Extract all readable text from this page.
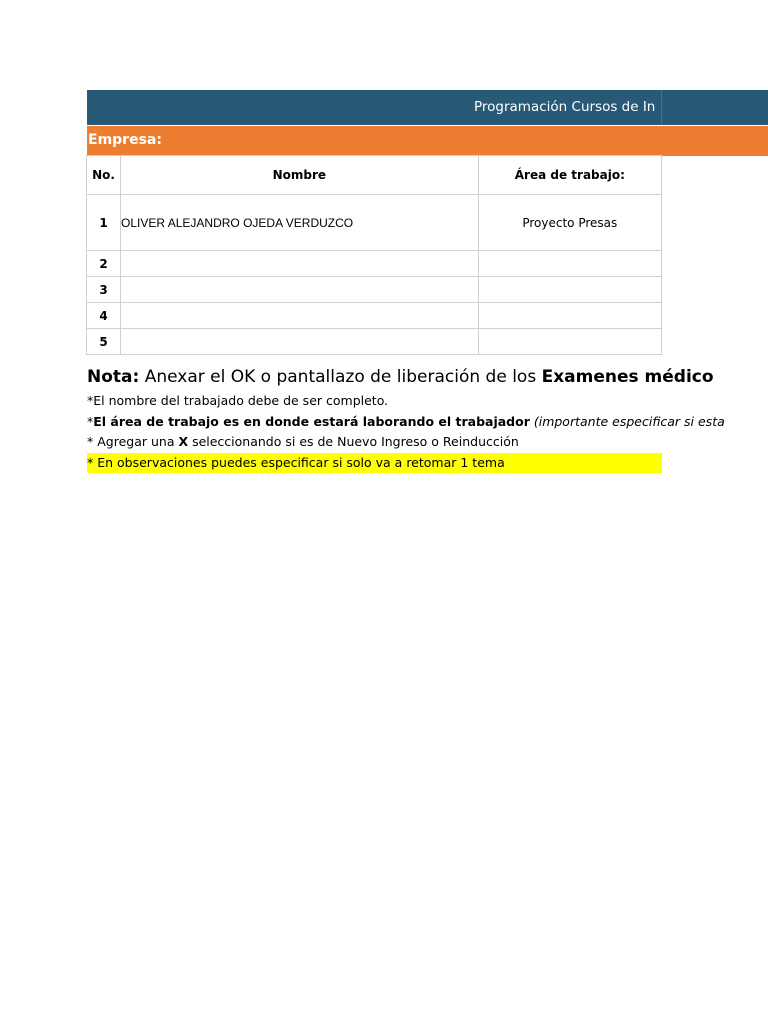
Programación Cursos de In
Empresa:
No.	Nombre	Área de trabajo:
1	OLIVER ALEJANDRO OJEDA VERDUZCO	Proyecto Presas
2		
3		
4		
5		
Nota: Anexar el OK o pantallazo de liberación de los Examenes médico
*El nombre del trabajado debe de ser completo.
*El área de trabajo es en donde estará laborando el trabajador (importante especificar si esta
* Agregar una X seleccionando si es de Nuevo Ingreso o Reinducción
* En observaciones puedes especificar si solo va a retomar 1 tema
